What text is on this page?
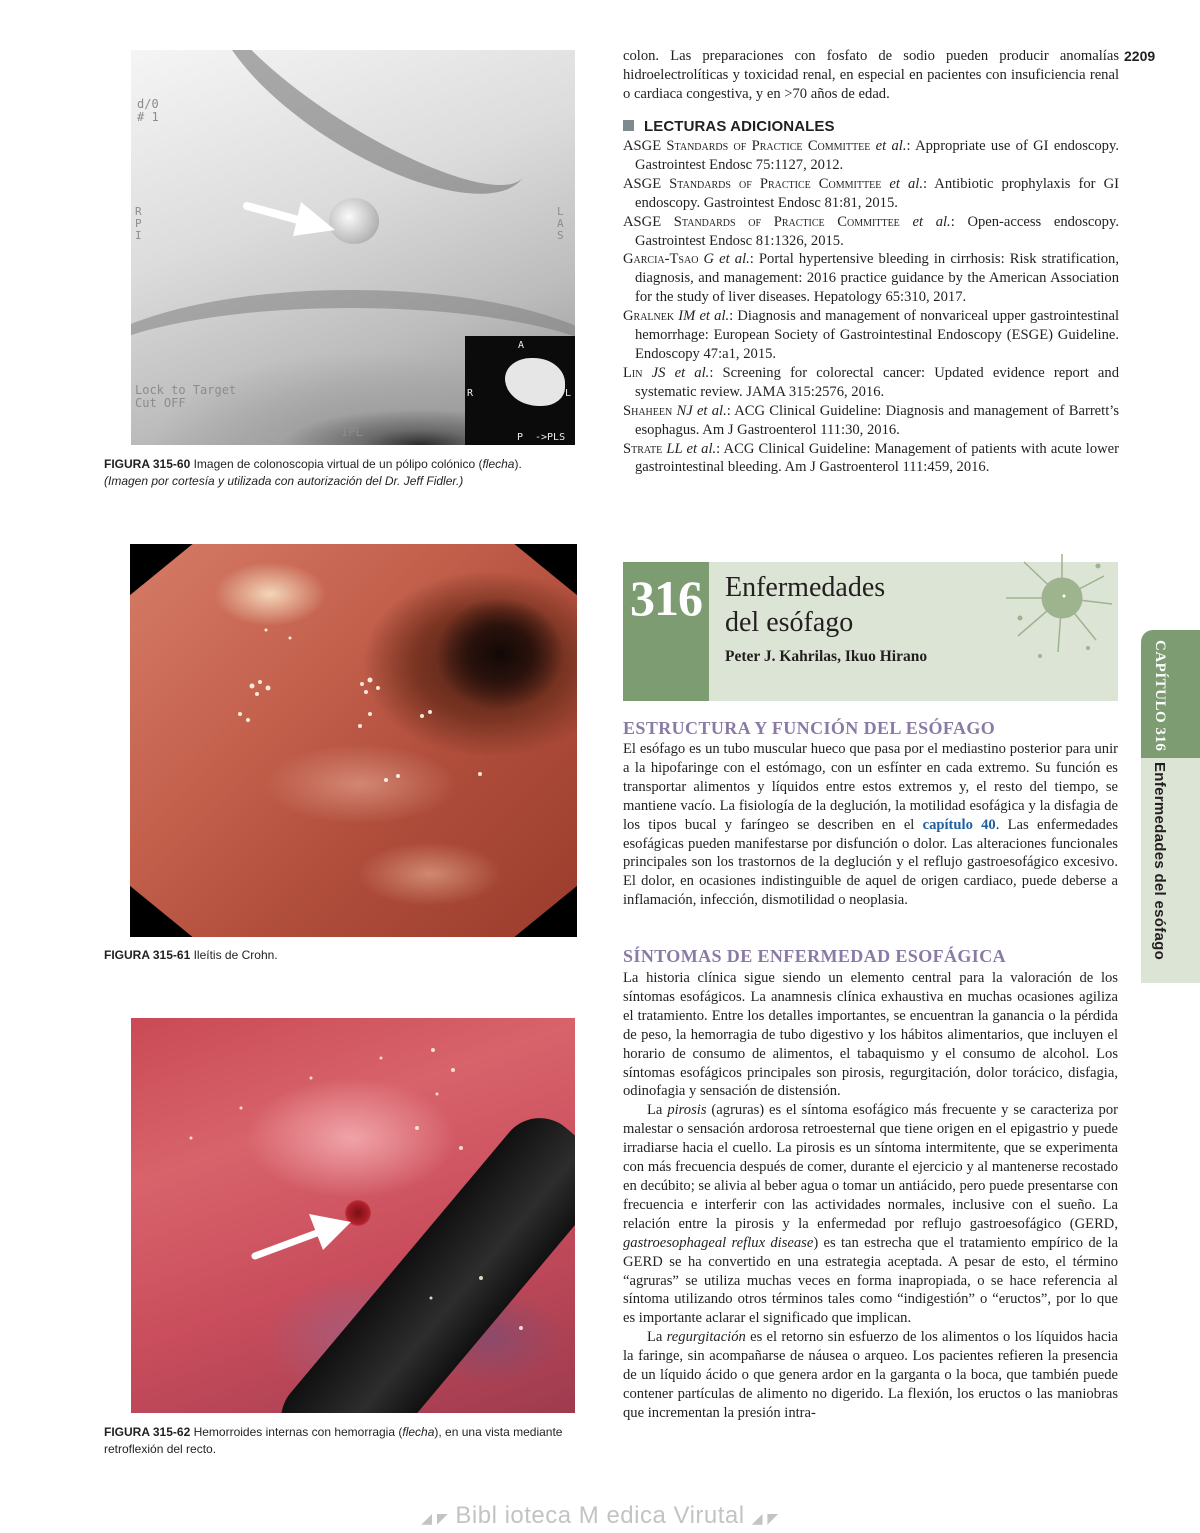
2209
d/0
# 1
RPI
LAS
Lock to Target
Cut OFF
IPL
A
R	L
P ->PLS
FIGURA 315-60 Imagen de colonoscopia virtual de un pólipo colónico (flecha).
(Imagen por cortesía y utilizada con autorización del Dr. Jeff Fidler.)
FIGURA 315-61 Ileítis de Crohn.
FIGURA 315-62 Hemorroides internas con hemorragia (flecha), en una vista mediante retroflexión del recto.
colon. Las preparaciones con fosfato de sodio pueden producir anomalías hidroelectrolíticas y toxicidad renal, en especial en pacientes con insuficiencia renal o cardiaca congestiva, y en >70 años de edad.
LECTURAS ADICIONALES
ASGE Standards of Practice Committee et al.: Appropriate use of GI endoscopy. Gastrointest Endosc 75:1127, 2012.
ASGE Standards of Practice Committee et al.: Antibiotic prophylaxis for GI endoscopy. Gastrointest Endosc 81:81, 2015.
ASGE Standards of Practice Committee et al.: Open-access endoscopy. Gastrointest Endosc 81:1326, 2015.
Garcia-Tsao G et al.: Portal hypertensive bleeding in cirrhosis: Risk stratification, diagnosis, and management: 2016 practice guidance by the American Association for the study of liver diseases. Hepatology 65:310, 2017.
Gralnek IM et al.: Diagnosis and management of nonvariceal upper gastrointestinal hemorrhage: European Society of Gastrointestinal Endoscopy (ESGE) Guideline. Endoscopy 47:a1, 2015.
Lin JS et al.: Screening for colorectal cancer: Updated evidence report and systematic review. JAMA 315:2576, 2016.
Shaheen NJ et al.: ACG Clinical Guideline: Diagnosis and management of Barrett’s esophagus. Am J Gastroenterol 111:30, 2016.
Strate LL et al.: ACG Clinical Guideline: Management of patients with acute lower gastrointestinal bleeding. Am J Gastroenterol 111:459, 2016.
316 Enfermedades
del esófago
Peter J. Kahrilas, Ikuo Hirano
ESTRUCTURA Y FUNCIÓN DEL ESÓFAGO
El esófago es un tubo muscular hueco que pasa por el mediastino posterior para unir a la hipofaringe con el estómago, con un esfínter en cada extremo. Su función es transportar alimentos y líquidos entre estos extremos y, el resto del tiempo, se mantiene vacío. La fisiología de la deglución, la motilidad esofágica y la disfagia de los tipos bucal y faríngeo se describen en el capítulo 40. Las enfermedades esofágicas pueden manifestarse por disfunción o dolor. Las alteraciones funcionales principales son los trastornos de la deglución y el reflujo gastroesofágico excesivo. El dolor, en ocasiones indistinguible de aquel de origen cardiaco, puede deberse a inflamación, infección, dismotilidad o neoplasia.
SÍNTOMAS DE ENFERMEDAD ESOFÁGICA
La historia clínica sigue siendo un elemento central para la valoración de los síntomas esofágicos. La anamnesis clínica exhaustiva en muchas ocasiones agiliza el tratamiento. Entre los detalles importantes, se encuentran la ganancia o la pérdida de peso, la hemorragia de tubo digestivo y los hábitos alimentarios, que incluyen el horario de consumo de alimentos, el tabaquismo y el consumo de alcohol. Los síntomas esofágicos principales son pirosis, regurgitación, dolor torácico, disfagia, odinofagia y sensación de distensión.
La pirosis (agruras) es el síntoma esofágico más frecuente y se caracteriza por malestar o sensación ardorosa retroesternal que tiene origen en el epigastrio y puede irradiarse hacia el cuello. La pirosis es un síntoma intermitente, que se experimenta con más frecuencia después de comer, durante el ejercicio y al mantenerse recostado en decúbito; se alivia al beber agua o tomar un antiácido, pero puede presentarse con frecuencia e interferir con las actividades normales, inclusive con el sueño. La relación entre la pirosis y la enfermedad por reflujo gastroesofágico (GERD, gastroesophageal reflux disease) es tan estrecha que el tratamiento empírico de la GERD se ha convertido en una estrategia aceptada. A pesar de esto, el término “agruras” se utiliza muchas veces en forma inapropiada, o se hace referencia al síntoma utilizando otros términos tales como “indigestión” o “eructos”, por lo que es importante aclarar el significado que implican.
La regurgitación es el retorno sin esfuerzo de los alimentos o los líquidos hacia la faringe, sin acompañarse de náusea o arqueo. Los pacientes refieren la presencia de un líquido ácido o que genera ardor en la garganta o la boca, que también puede contener partículas de alimento no digerido. La flexión, los eructos o las maniobras que incrementan la presión intra-
CAPÍTULO 316
Enfermedades del esófago
◢ ◤ Bibl ioteca M edica Virutal ◢ ◤
